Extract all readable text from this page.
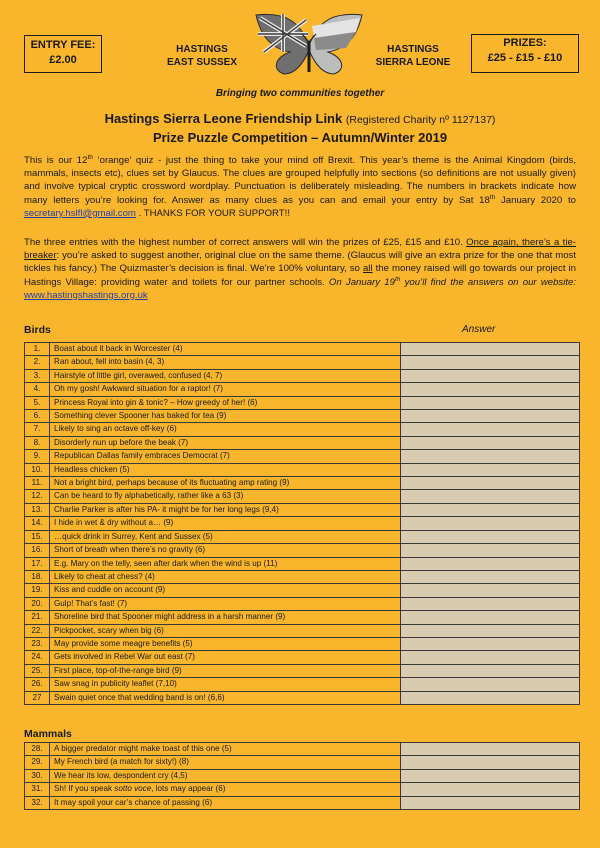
ENTRY FEE:
£2.00
HASTINGS
EAST SUSSEX
HASTINGS
SIERRA LEONE
PRIZES:
£25 - £15 - £10
Bringing two communities together
Hastings Sierra Leone Friendship Link (Registered Charity nº 1127137)
Prize Puzzle Competition – Autumn/Winter 2019
This is our 12th ‘orange’ quiz - just the thing to take your mind off Brexit. This year’s theme is the Animal Kingdom (birds, mammals, insects etc), clues set by Glaucus. The clues are grouped helpfully into sections (so definitions are not usually given) and involve typical cryptic crossword wordplay. Punctuation is deliberately misleading. The numbers in brackets indicate how many letters you’re looking for. Answer as many clues as you can and email your entry by Sat 18th January 2020 to secretary.hslfl@gmail.com . THANKS FOR YOUR SUPPORT!!
The three entries with the highest number of correct answers will win the prizes of £25, £15 and £10. Once again, there’s a tie-breaker: you’re asked to suggest another, original clue on the same theme. (Glaucus will give an extra prize for the one that most tickles his fancy.) The Quizmaster’s decision is final. We’re 100% voluntary, so all the money raised will go towards our project in Hastings Village: providing water and toilets for our partner schools. On January 19th you’ll find the answers on our website: www.hastingshastings.org.uk
Birds	Answer
1.	Boast about it back in Worcester (4)	
2.	Ran about, fell into basin (4, 3)	
3.	Hairstyle of little girl, overawed, confused (4, 7)	
4.	Oh my gosh! Awkward situation for a raptor! (7)	
5.	Princess Royal into gin & tonic? – How greedy of her! (6)	
6.	Something clever Spooner has baked for tea (9)	
7.	Likely to sing an octave off-key (6)	
8.	Disorderly nun up before the beak (7)	
9.	Republican Dallas family embraces Democrat (7)	
10.	Headless chicken (5)	
11.	Not a bright bird, perhaps because of its fluctuating amp rating (9)	
12.	Can be heard to fly alphabetically, rather like a 63 (3)	
13.	Charlie Parker is after his PA- it might be for her long legs (9,4)	
14.	I hide in wet & dry without a… (9)	
15.	…quick drink in Surrey, Kent and Sussex (5)	
16.	Short of breath when there’s no gravity (6)	
17.	E.g. Mary on the telly, seen after dark when the wind is up (11)	
18.	Likely to cheat at chess? (4)	
19.	Kiss and cuddle on account (9)	
20.	Gulp! That’s fast! (7)	
21.	Shoreline bird that Spooner might address in a harsh manner (9)	
22.	Pickpocket, scary when big (6)	
23.	May provide some meagre benefits (5)	
24.	Gets involved in Rebel War out east (7)	
25.	First place, top-of-the-range bird (9)	
26.	Saw snag in publicity leaflet (7,10)	
27	Swain quiet once that wedding band is on! (6,6)	
Mammals
28.	A bigger predator might make toast of this one (5)	
29.	My French bird (a match for sixty!) (8)	
30.	We hear its low, despondent cry (4,5)	
31.	Sh! If you speak sotto voce, lots may appear (6)	
32.	It may spoil your car’s chance of passing (6)	
